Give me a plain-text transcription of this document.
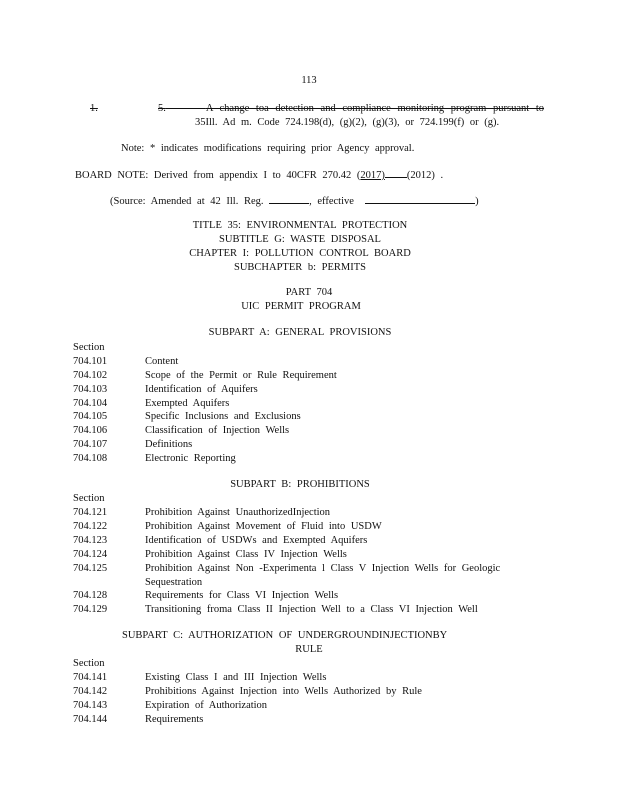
113
1.	5.	A change toa detection and compliance monitoring program pursuant to
35Ill. Ad m. Code 724.198(d), (g)(2), (g)(3), or 724.199(f) or (g).
Note: * indicates modifications requiring prior Agency approval.
BOARD NOTE: Derived from appendix I to 40CFR 270.42 (2017) (2012) .
(Source: Amended at 42 Ill. Reg.	, effective	)
TITLE 35: ENVIRONMENTAL PROTECTION
SUBTITLE G: WASTE DISPOSAL
CHAPTER I: POLLUTION CONTROL BOARD
SUBCHAPTER b: PERMITS
PART 704
UIC PERMIT PROGRAM
SUBPART A: GENERAL PROVISIONS
Section
704.101	Content
704.102	Scope of the Permit or Rule Requirement
704.103	Identification of Aquifers
704.104	Exempted Aquifers
704.105	Specific Inclusions and Exclusions
704.106	Classification of Injection Wells
704.107	Definitions
704.108	Electronic Reporting
SUBPART B: PROHIBITIONS
Section
704.121	Prohibition Against UnauthorizedInjection
704.122	Prohibition Against Movement of Fluid into USDW
704.123	Identification of USDWs and Exempted Aquifers
704.124	Prohibition Against Class IV Injection Wells
704.125	Prohibition Against Non -Experimenta l Class V Injection Wells for Geologic
Sequestration
704.128	Requirements for Class VI Injection Wells
704.129	Transitioning froma Class II Injection Well to a Class VI Injection Well
SUBPART C: AUTHORIZATION OF UNDERGROUNDINJECTIONBY
RULE
Section
704.141	Existing Class I and III Injection Wells
704.142	Prohibitions Against Injection into Wells Authorized by Rule
704.143	Expiration of Authorization
704.144	Requirements
